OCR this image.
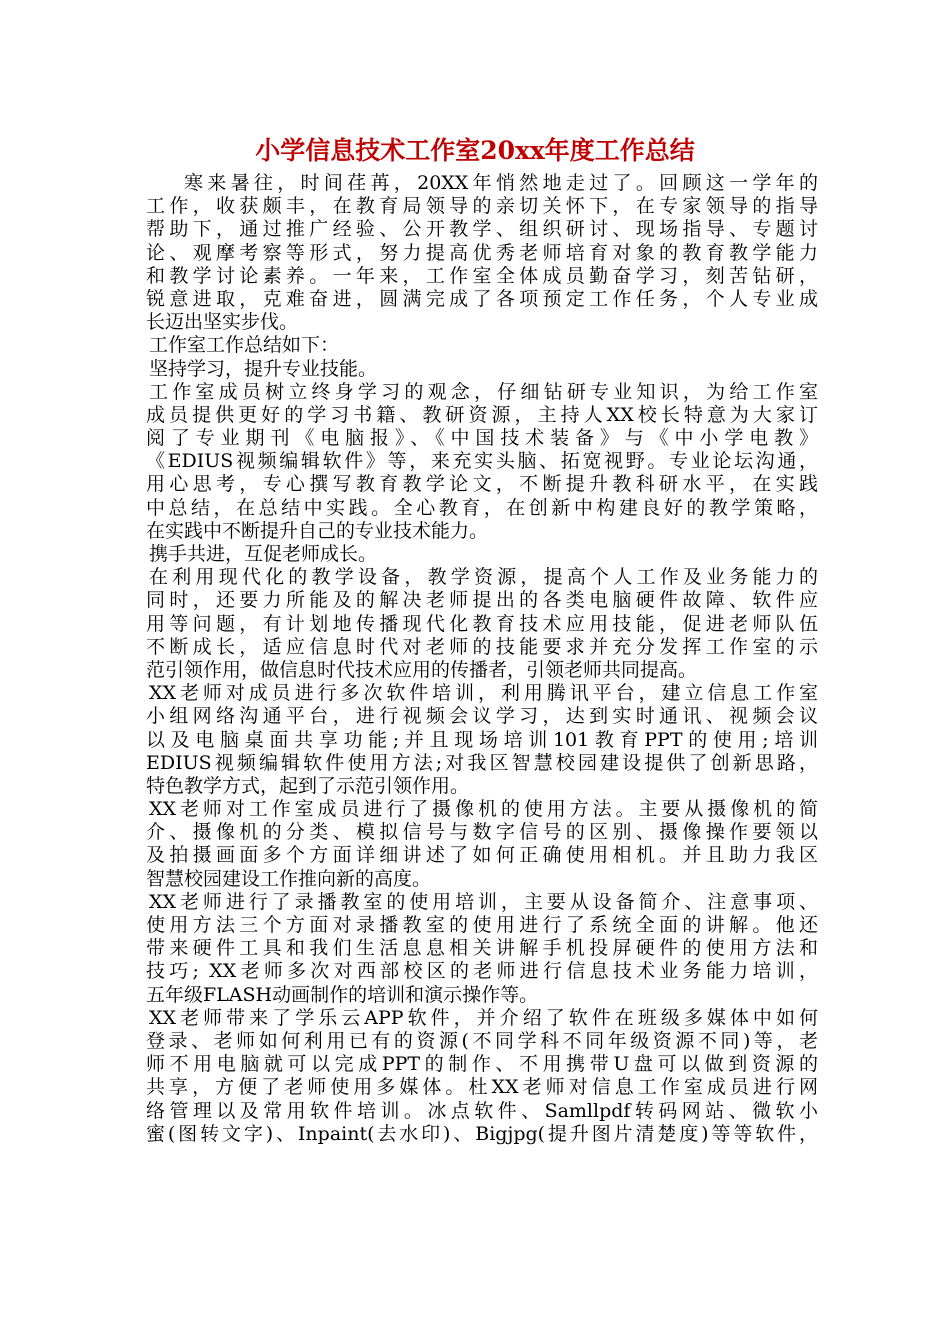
小学信息技术工作室20xx年度工作总结
寒来暑往，时间荏苒，20XX年悄然地走过了。回顾这一学年的
工作，收获颇丰，在教育局领导的亲切关怀下，在专家领导的指导
帮助下，通过推广经验、公开教学、组织研讨、现场指导、专题讨
论、观摩考察等形式，努力提高优秀老师培育对象的教育教学能力
和教学讨论素养。一年来，工作室全体成员勤奋学习，刻苦钻研，
锐意进取，克难奋进，圆满完成了各项预定工作任务，个人专业成
长迈出坚实步伐。
工作室工作总结如下：
坚持学习，提升专业技能。
工作室成员树立终身学习的观念，仔细钻研专业知识，为给工作室
成员提供更好的学习书籍、教研资源，主持人XX校长特意为大家订
阅了专业期刊《电脑报》、《中国技术装备》与《中小学电教》
《EDIUS视频编辑软件》等，来充实头脑、拓宽视野。专业论坛沟通，
用心思考，专心撰写教育教学论文，不断提升教科研水平，在实践
中总结，在总结中实践。全心教育，在创新中构建良好的教学策略，
在实践中不断提升自己的专业技术能力。
携手共进，互促老师成长。
在利用现代化的教学设备，教学资源，提高个人工作及业务能力的
同时，还要力所能及的解决老师提出的各类电脑硬件故障、软件应
用等问题，有计划地传播现代化教育技术应用技能，促进老师队伍
不断成长，适应信息时代对老师的技能要求并充分发挥工作室的示
范引领作用，做信息时代技术应用的传播者，引领老师共同提高。
XX老师对成员进行多次软件培训，利用腾讯平台，建立信息工作室
小组网络沟通平台，进行视频会议学习，达到实时通讯、视频会议
以及电脑桌面共享功能;并且现场培训101教育PPT的使用;培训
EDIUS视频编辑软件使用方法;对我区智慧校园建设提供了创新思路，
特色教学方式，起到了示范引领作用。
XX老师对工作室成员进行了摄像机的使用方法。主要从摄像机的简
介、摄像机的分类、模拟信号与数字信号的区别、摄像操作要领以
及拍摄画面多个方面详细讲述了如何正确使用相机。并且助力我区
智慧校园建设工作推向新的高度。
XX老师进行了录播教室的使用培训，主要从设备简介、注意事项、
使用方法三个方面对录播教室的使用进行了系统全面的讲解。他还
带来硬件工具和我们生活息息相关讲解手机投屏硬件的使用方法和
技巧; XX老师多次对西部校区的老师进行信息技术业务能力培训，
五年级FLASH动画制作的培训和演示操作等。
XX老师带来了学乐云APP软件，并介绍了软件在班级多媒体中如何
登录、老师如何利用已有的资源(不同学科不同年级资源不同)等，老
师不用电脑就可以完成PPT的制作、不用携带U盘可以做到资源的
共享，方便了老师使用多媒体。杜XX老师对信息工作室成员进行网
络管理以及常用软件培训。冰点软件、Samllpdf转码网站、微软小
蜜(图转文字)、Inpaint(去水印)、Bigjpg(提升图片清楚度)等等软件，
